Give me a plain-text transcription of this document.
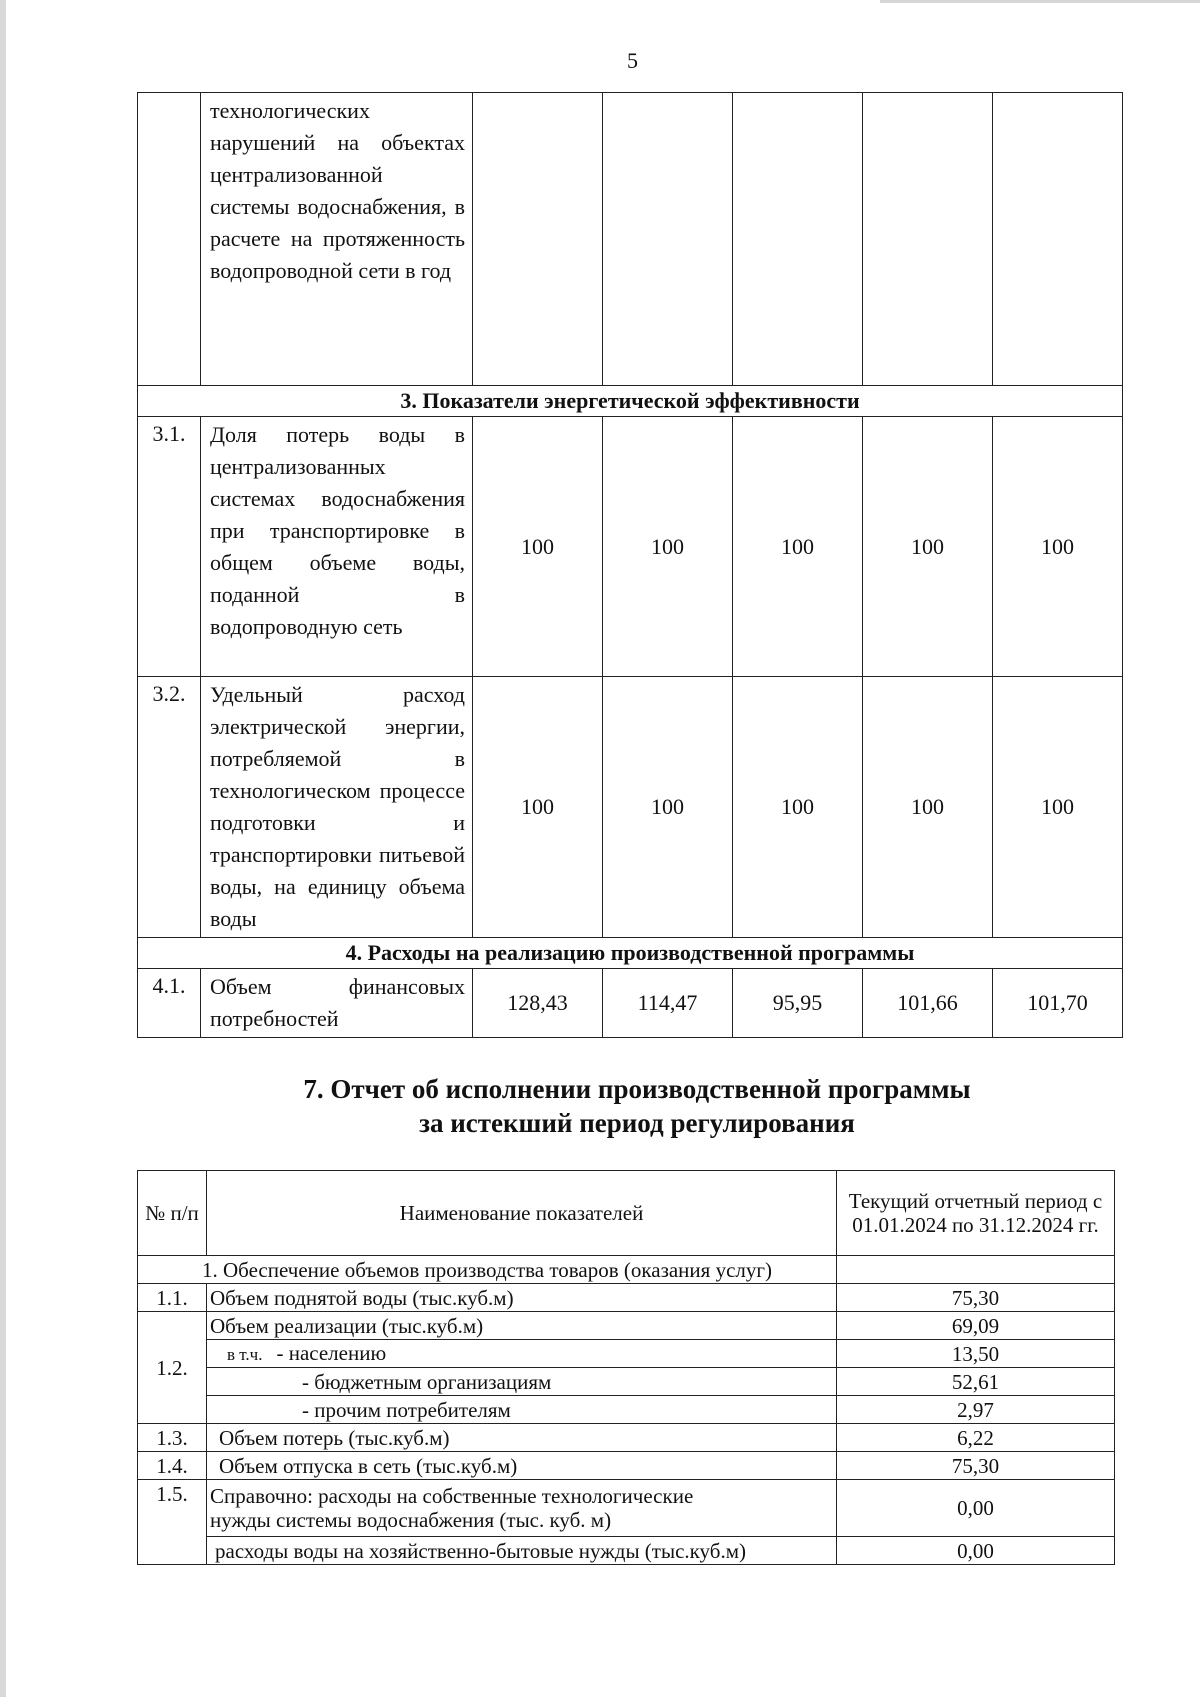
5
	технологических нарушений на объектах централизованной системы водоснабжения, в расчете на протяженность водопроводной сети в год					
3. Показатели энергетической эффективности						
3.1.	Доля потерь воды в централизованных системах водоснабжения при транспортировке в общем объеме воды, поданной в водопроводную сеть	100	100	100	100	100
3.2.	Удельный расход электрической энергии, потребляемой в технологическом процессе подготовки и транспортировки питьевой воды, на единицу объема воды	100	100	100	100	100
4. Расходы на реализацию производственной программы						
4.1.	Объем финансовых потребностей	128,43	114,47	95,95	101,66	101,70
7. Отчет об исполнении производственной программы
за истекший период регулирования
№ п/п	Наименование показателей	Текущий отчетный период с 01.01.2024 по 31.12.2024 гг.
1. Обеспечение объемов производства товаров (оказания услуг)		
1.1.	Объем поднятой воды (тыс.куб.м)	75,30
1.2.	Объем реализации (тыс.куб.м)	69,09
	в т.ч. - населению	13,50
	- бюджетным организациям	52,61
	- прочим потребителям	2,97
1.3.	Объем потерь (тыс.куб.м)	6,22
1.4.	Объем отпуска в сеть (тыс.куб.м)	75,30
1.5.	Справочно: расходы на собственные технологические
нужды системы водоснабжения (тыс. куб. м)	0,00
	расходы воды на хозяйственно-бытовые нужды (тыс.куб.м)	0,00
